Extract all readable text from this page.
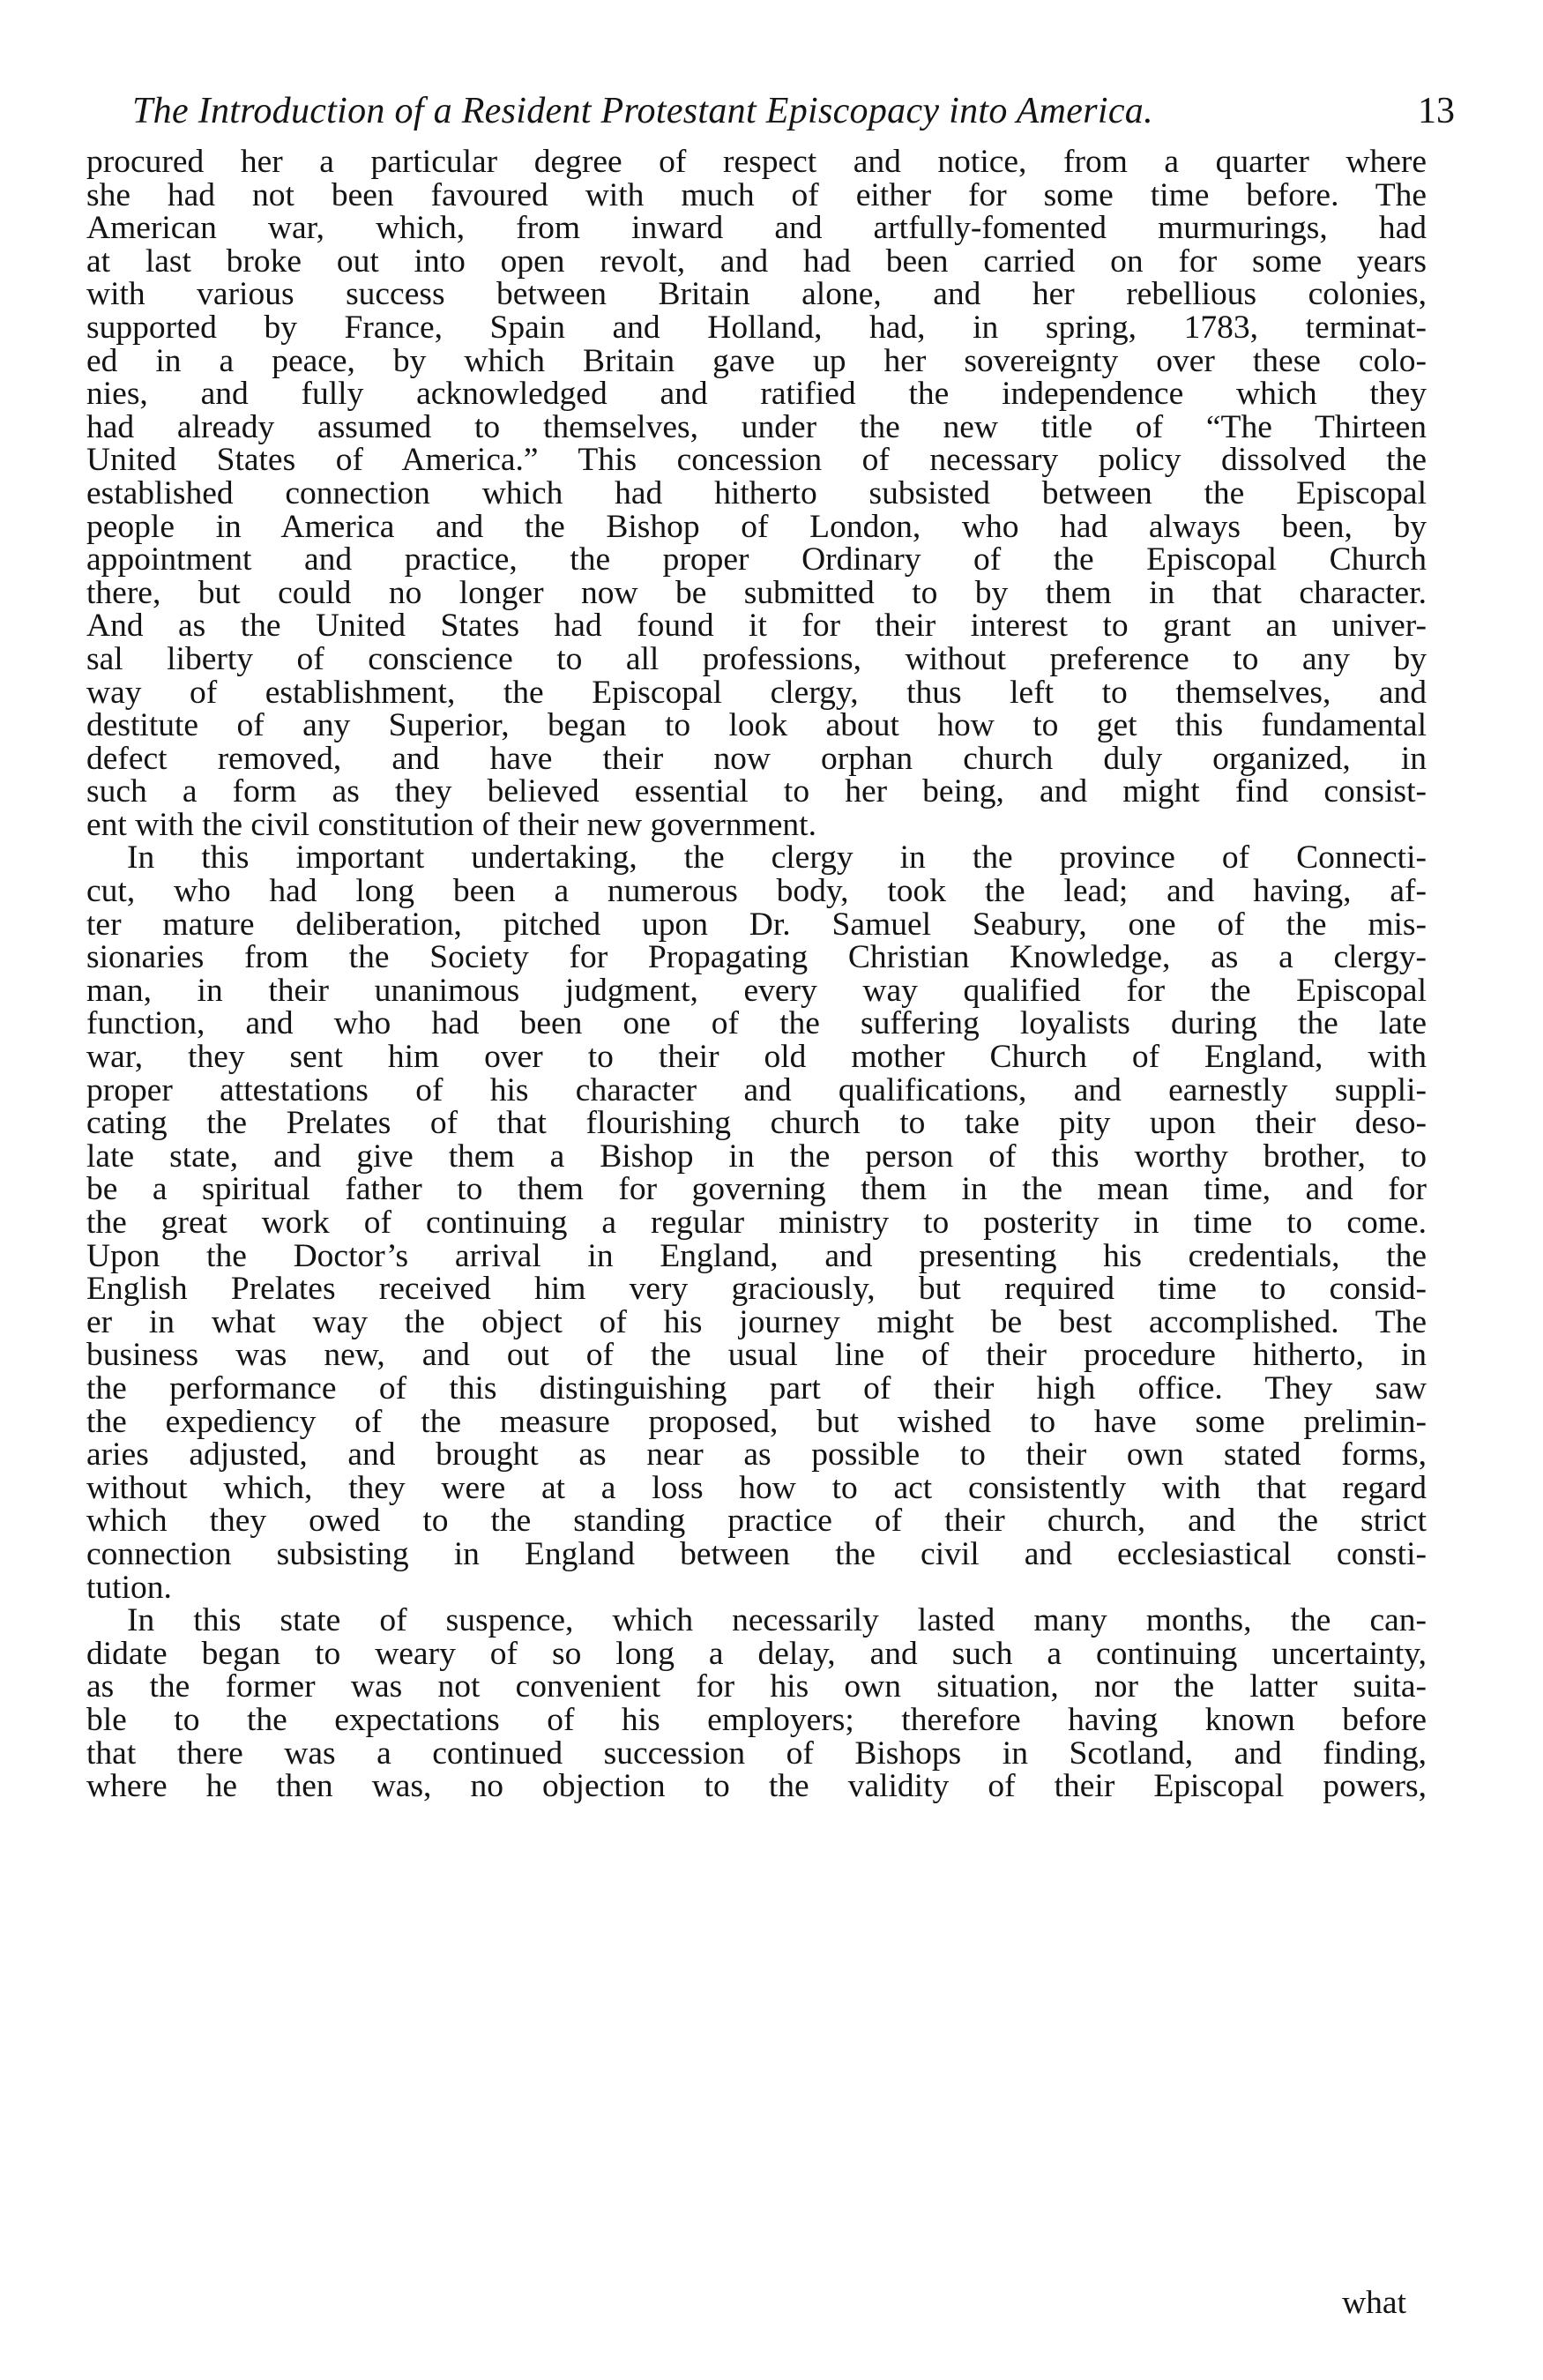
The Introduction of a Resident Protestant Episcopacy into America.	13
procured her a particular degree of respect and notice, from a quarter where
she had not been favoured with much of either for some time before. The
American war, which, from inward and artfully-fomented murmurings, had
at last broke out into open revolt, and had been carried on for some years
with various success between Britain alone, and her rebellious colonies,
supported by France, Spain and Holland, had, in spring, 1783, terminat-
ed in a peace, by which Britain gave up her sovereignty over these colo-
nies, and fully acknowledged and ratified the independence which they
had already assumed to themselves, under the new title of “The Thirteen
United States of America.” This concession of necessary policy dissolved the
established connection which had hitherto subsisted between the Episcopal
people in America and the Bishop of London, who had always been, by
appointment and practice, the proper Ordinary of the Episcopal Church
there, but could no longer now be submitted to by them in that character.
And as the United States had found it for their interest to grant an univer-
sal liberty of conscience to all professions, without preference to any by
way of establishment, the Episcopal clergy, thus left to themselves, and
destitute of any Superior, began to look about how to get this fundamental
defect removed, and have their now orphan church duly organized, in
such a form as they believed essential to her being, and might find consist-
ent with the civil constitution of their new government.
In this important undertaking, the clergy in the province of Connecti-
cut, who had long been a numerous body, took the lead; and having, af-
ter mature deliberation, pitched upon Dr. Samuel Seabury, one of the mis-
sionaries from the Society for Propagating Christian Knowledge, as a clergy-
man, in their unanimous judgment, every way qualified for the Episcopal
function, and who had been one of the suffering loyalists during the late
war, they sent him over to their old mother Church of England, with
proper attestations of his character and qualifications, and earnestly suppli-
cating the Prelates of that flourishing church to take pity upon their deso-
late state, and give them a Bishop in the person of this worthy brother, to
be a spiritual father to them for governing them in the mean time, and for
the great work of continuing a regular ministry to posterity in time to come.
Upon the Doctor’s arrival in England, and presenting his credentials, the
English Prelates received him very graciously, but required time to consid-
er in what way the object of his journey might be best accomplished. The
business was new, and out of the usual line of their procedure hitherto, in
the performance of this distinguishing part of their high office. They saw
the expediency of the measure proposed, but wished to have some prelimin-
aries adjusted, and brought as near as possible to their own stated forms,
without which, they were at a loss how to act consistently with that regard
which they owed to the standing practice of their church, and the strict
connection subsisting in England between the civil and ecclesiastical consti-
tution.
In this state of suspence, which necessarily lasted many months, the can-
didate began to weary of so long a delay, and such a continuing uncertainty,
as the former was not convenient for his own situation, nor the latter suita-
ble to the expectations of his employers; therefore having known before
that there was a continued succession of Bishops in Scotland, and finding,
where he then was, no objection to the validity of their Episcopal powers,
what
